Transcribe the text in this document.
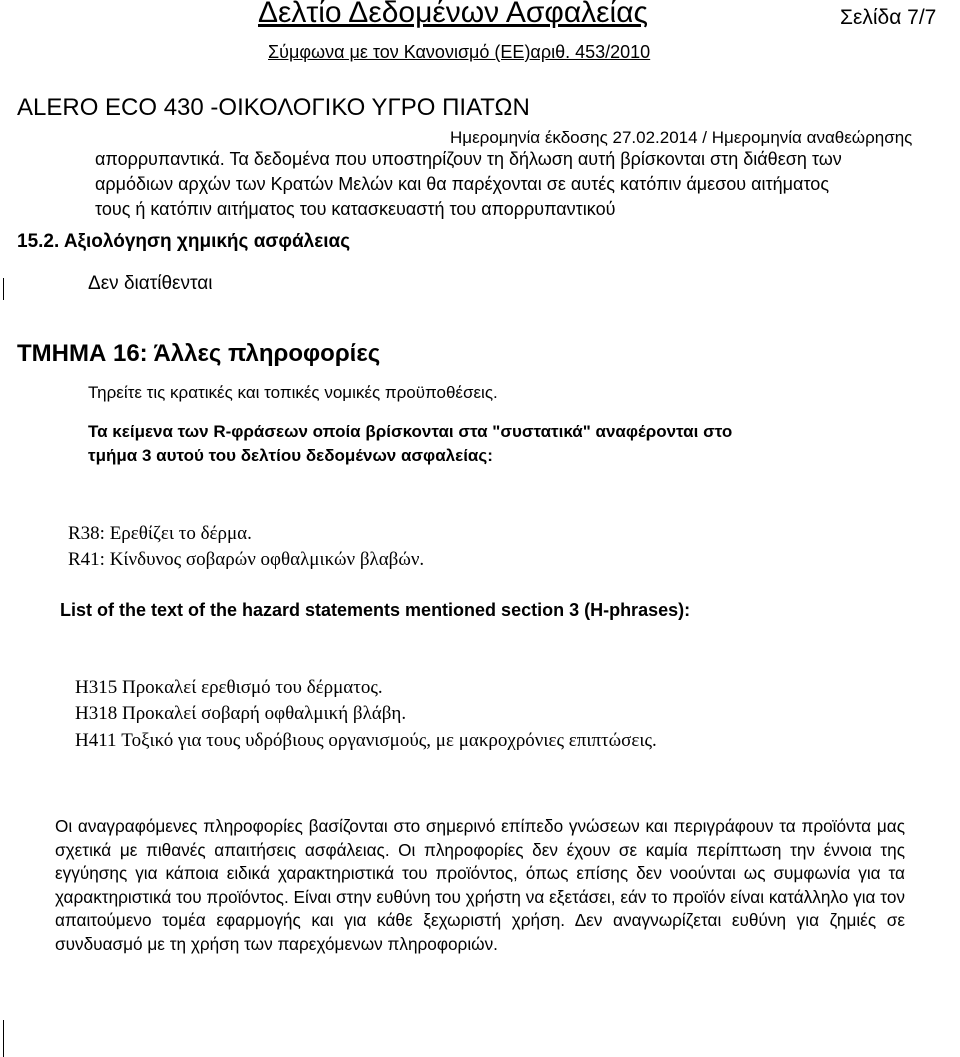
Δελτίο Δεδομένων Ασφαλείας	Σελίδα 7/7
Σύμφωνα με τον Κανονισμό (ΕΕ)αριθ. 453/2010
ALERO ECO 430 -ΟΙΚΟΛΟΓΙΚΟ ΥΓΡΟ ΠΙΑΤΩΝ
Ημερομηνία έκδοσης 27.02.2014 / Ημερομηνία αναθεώρησης
απορρυπαντικά. Τα δεδομένα που υποστηρίζουν τη δήλωση αυτή βρίσκονται στη διάθεση των
αρμόδιων αρχών των Κρατών Μελών και θα παρέχονται σε αυτές κατόπιν άμεσου αιτήματος
τους ή κατόπιν αιτήματος του κατασκευαστή του απορρυπαντικού
15.2. Αξιολόγηση χημικής ασφάλειας
Δεν διατίθενται
ΤΜΗΜΑ 16: Άλλες πληροφορίες
Τηρείτε τις κρατικές και τοπικές νομικές προϋποθέσεις.
Τα κείμενα των R-φράσεων οποία βρίσκονται στα "συστατικά" αναφέρονται στο
τμήμα 3 αυτού του δελτίου δεδομένων ασφαλείας:
R38: Ερεθίζει το δέρμα.
R41: Κίνδυνος σοβαρών οφθαλμικών βλαβών.
List of the text of the hazard statements mentioned section 3 (H-phrases):
H315 Προκαλεί ερεθισμό του δέρματος.
H318 Προκαλεί σοβαρή οφθαλμική βλάβη.
H411 Τοξικό για τους υδρόβιους οργανισμούς, με μακροχρόνιες επιπτώσεις.
Οι αναγραφόμενες πληροφορίες βασίζονται στο σημερινό επίπεδο γνώσεων και περιγράφουν τα προϊόντα μας σχετικά με πιθανές απαιτήσεις ασφάλειας. Οι πληροφορίες δεν έχουν σε καμία περίπτωση την έννοια της εγγύησης για κάποια ειδικά χαρακτηριστικά του προϊόντος, όπως επίσης δεν νοούνται ως συμφωνία για τα χαρακτηριστικά του προϊόντος. Είναι στην ευθύνη του χρήστη να εξετάσει, εάν το προϊόν είναι κατάλληλο για τον απαιτούμενο τομέα εφαρμογής και για κάθε ξεχωριστή χρήση. Δεν αναγνωρίζεται ευθύνη για ζημιές σε συνδυασμό με τη χρήση των παρεχόμενων πληροφοριών.
